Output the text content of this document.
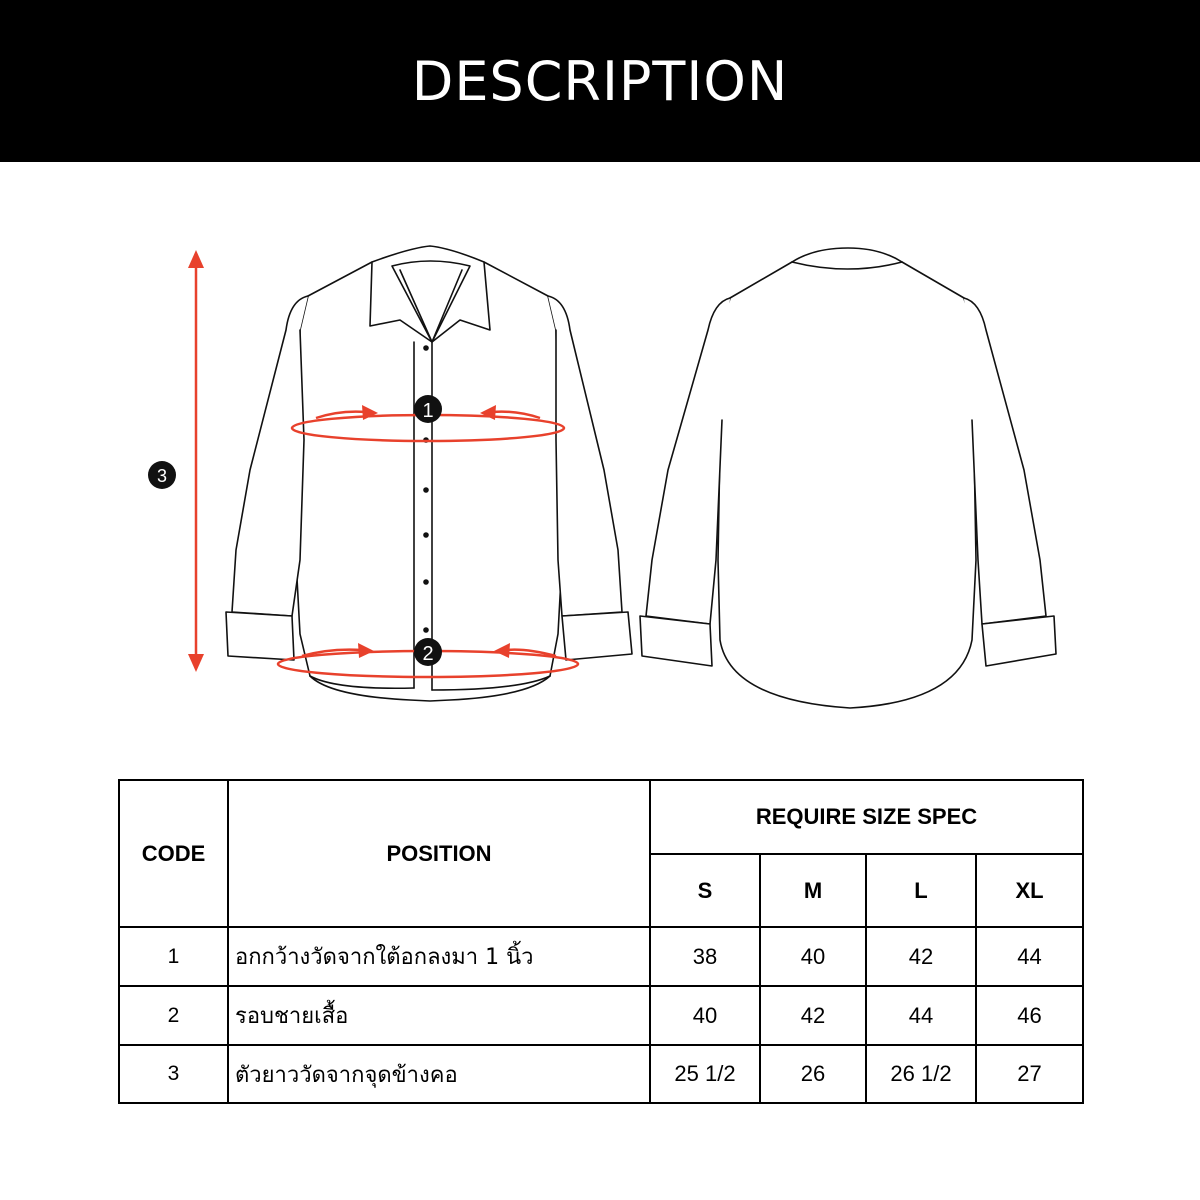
DESCRIPTION
1
2
3
CODE	POSITION	REQUIRE SIZE SPEC			
		S	M	L	XL
1	อกกว้างวัดจากใต้อกลงมา 1 นิ้ว	38	40	42	44
2	รอบชายเสื้อ	40	42	44	46
3	ตัวยาววัดจากจุดข้างคอ	25 1/2	26	26 1/2	27
